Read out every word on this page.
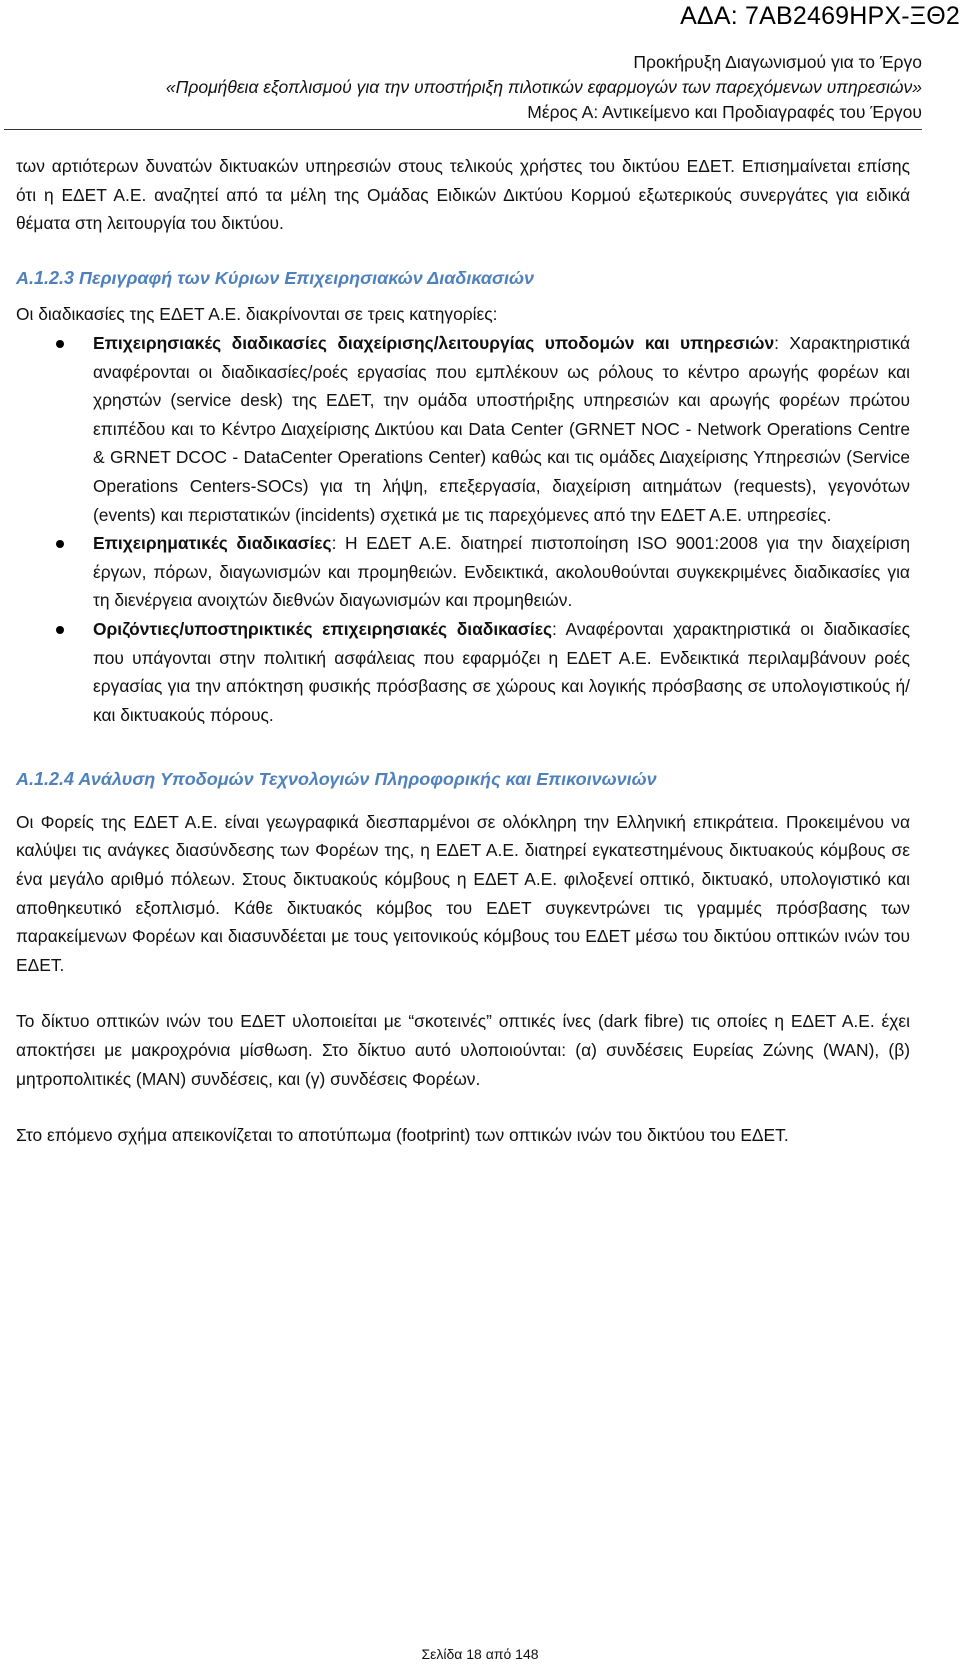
ΑΔΑ: 7ΑΒ2469ΗΡΧ-ΞΘ2
Προκήρυξη Διαγωνισμού για το Έργο
«Προμήθεια εξοπλισμού για την υποστήριξη πιλοτικών εφαρμογών των παρεχόμενων υπηρεσιών»
Μέρος Α: Αντικείμενο και Προδιαγραφές του Έργου

των αρτιότερων δυνατών δικτυακών υπηρεσιών στους τελικούς χρήστες του δικτύου ΕΔΕΤ. Επισημαίνεται επίσης ότι η ΕΔΕΤ Α.Ε. αναζητεί από τα μέλη της Ομάδας Ειδικών Δικτύου Κορμού εξωτερικούς συνεργάτες για ειδικά θέματα στη λειτουργία του δικτύου.

Α.1.2.3 Περιγραφή των Κύριων Επιχειρησιακών Διαδικασιών

Οι διαδικασίες της ΕΔΕΤ Α.Ε. διακρίνονται σε τρεις κατηγορίες:

Επιχειρησιακές διαδικασίες διαχείρισης/λειτουργίας υποδομών και υπηρεσιών: Χαρακτηριστικά αναφέρονται οι διαδικασίες/ροές εργασίας που εμπλέκουν ως ρόλους το κέντρο αρωγής φορέων και χρηστών (service desk) της ΕΔΕΤ, την ομάδα υποστήριξης υπηρεσιών και αρωγής φορέων πρώτου επιπέδου και το Κέντρο Διαχείρισης Δικτύου και Data Center (GRNET NOC - Network Operations Centre & GRNET DCOC - DataCenter Operations Center) καθώς και τις ομάδες Διαχείρισης Υπηρεσιών (Service Operations Centers-SOCs) για τη λήψη, επεξεργασία, διαχείριση αιτημάτων (requests), γεγονότων (events) και περιστατικών (incidents) σχετικά με τις παρεχόμενες από την ΕΔΕΤ Α.Ε. υπηρεσίες.
Επιχειρηματικές διαδικασίες: Η ΕΔΕΤ Α.Ε. διατηρεί πιστοποίηση ISO 9001:2008 για την διαχείριση έργων, πόρων, διαγωνισμών και προμηθειών. Ενδεικτικά, ακολουθούνται συγκεκριμένες διαδικασίες για τη διενέργεια ανοιχτών διεθνών διαγωνισμών και προμηθειών.
Οριζόντιες/υποστηρικτικές επιχειρησιακές διαδικασίες: Αναφέρονται χαρακτηριστικά οι διαδικασίες που υπάγονται στην πολιτική ασφάλειας που εφαρμόζει η ΕΔΕΤ Α.Ε. Ενδεικτικά περιλαμβάνουν ροές εργασίας για την απόκτηση φυσικής πρόσβασης σε χώρους και λογικής πρόσβασης σε υπολογιστικούς ή/και δικτυακούς πόρους.
Α.1.2.4 Ανάλυση Υποδομών Τεχνολογιών Πληροφορικής και Επικοινωνιών

Οι Φορείς της ΕΔΕΤ Α.Ε. είναι γεωγραφικά διεσπαρμένοι σε ολόκληρη την Ελληνική επικράτεια. Προκειμένου να καλύψει τις ανάγκες διασύνδεσης των Φορέων της, η ΕΔΕΤ Α.Ε. διατηρεί εγκατεστημένους δικτυακούς κόμβους σε ένα μεγάλο αριθμό πόλεων. Στους δικτυακούς κόμβους η ΕΔΕΤ Α.Ε. φιλοξενεί οπτικό, δικτυακό, υπολογιστικό και αποθηκευτικό εξοπλισμό. Κάθε δικτυακός κόμβος του ΕΔΕΤ συγκεντρώνει τις γραμμές πρόσβασης των παρακείμενων Φορέων και διασυνδέεται με τους γειτονικούς κόμβους του ΕΔΕΤ μέσω του δικτύου οπτικών ινών του ΕΔΕΤ.

Το δίκτυο οπτικών ινών του ΕΔΕΤ υλοποιείται με “σκοτεινές” οπτικές ίνες (dark fibre) τις οποίες η ΕΔΕΤ Α.Ε. έχει αποκτήσει με μακροχρόνια μίσθωση. Στο δίκτυο αυτό υλοποιούνται: (α) συνδέσεις Ευρείας Ζώνης (WAN), (β) μητροπολιτικές (MAN) συνδέσεις, και (γ) συνδέσεις Φορέων.

Στο επόμενο σχήμα απεικονίζεται το αποτύπωμα (footprint) των οπτικών ινών του δικτύου του ΕΔΕΤ.

Σελίδα 18 από 148
